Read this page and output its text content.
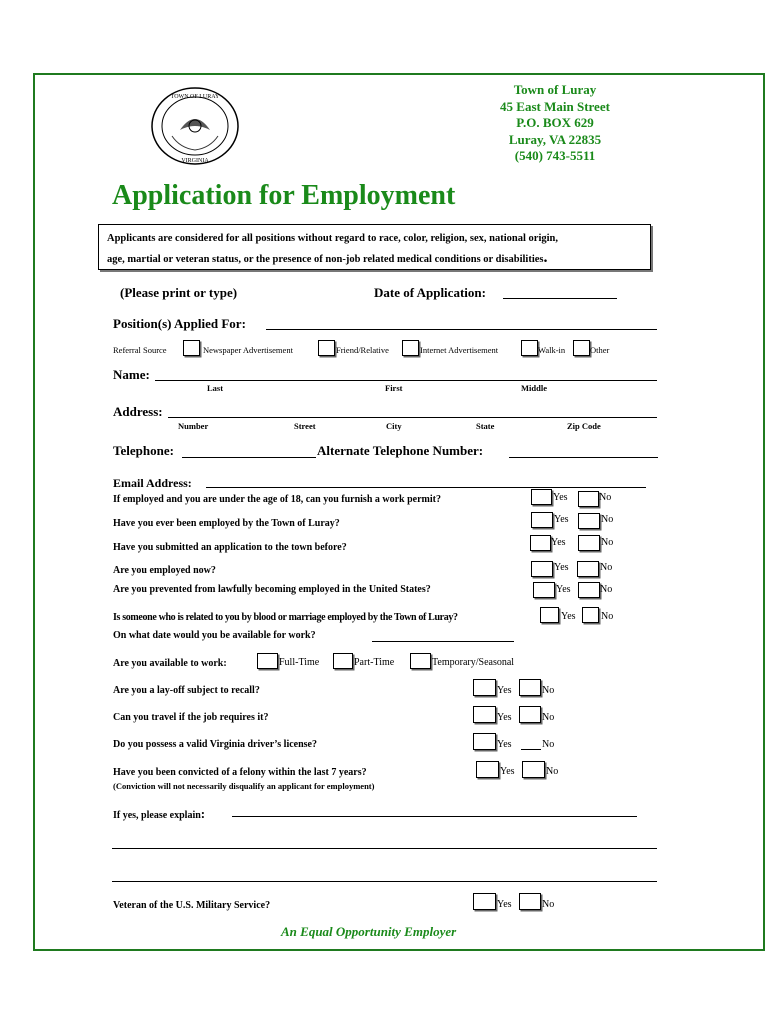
TOWN OF LURAY
VIRGINIA
Town of Luray
45 East Main Street
P.O. BOX 629
Luray, VA 22835
(540) 743-5511
Application for Employment
Applicants are considered for all positions without regard to race, color, religion, sex, national origin,
age, martial or veteran status, or the presence of non-job related medical conditions or disabilities.
(Please print or type)	Date of Application:
Position(s) Applied For:
Referral Source	Newspaper Advertisement	Friend/Relative	Internet Advertisement	Walk-in	Other
Name:
Last	First	Middle
Address:
Number	Street	City	State	Zip Code
Telephone:	Alternate Telephone Number:
Email Address:
If employed and you are under the age of 18, can you furnish a work permit?	Yes	No
Have you ever been employed by the Town of Luray?	Yes	No
Have you submitted an application to the town before?	Yes	No
Are you employed now?	Yes	No
Are you prevented from lawfully becoming employed in the United States?	Yes	No
Is someone who is related to you by blood or marriage employed by the Town of Luray?	Yes	No
On what date would you be available for work?
Are you available to work:	Full-Time	Part-Time	Temporary/Seasonal
Are you a lay-off subject to recall?	Yes	No
Can you travel if the job requires it?	Yes	No
Do you possess a valid Virginia driver’s license?	Yes	No
Have you been convicted of a felony within the last 7 years?	Yes	No
(Conviction will not necessarily disqualify an applicant for employment)
If yes, please explain:
Veteran of the U.S. Military Service?	Yes	No
An Equal Opportunity Employer
